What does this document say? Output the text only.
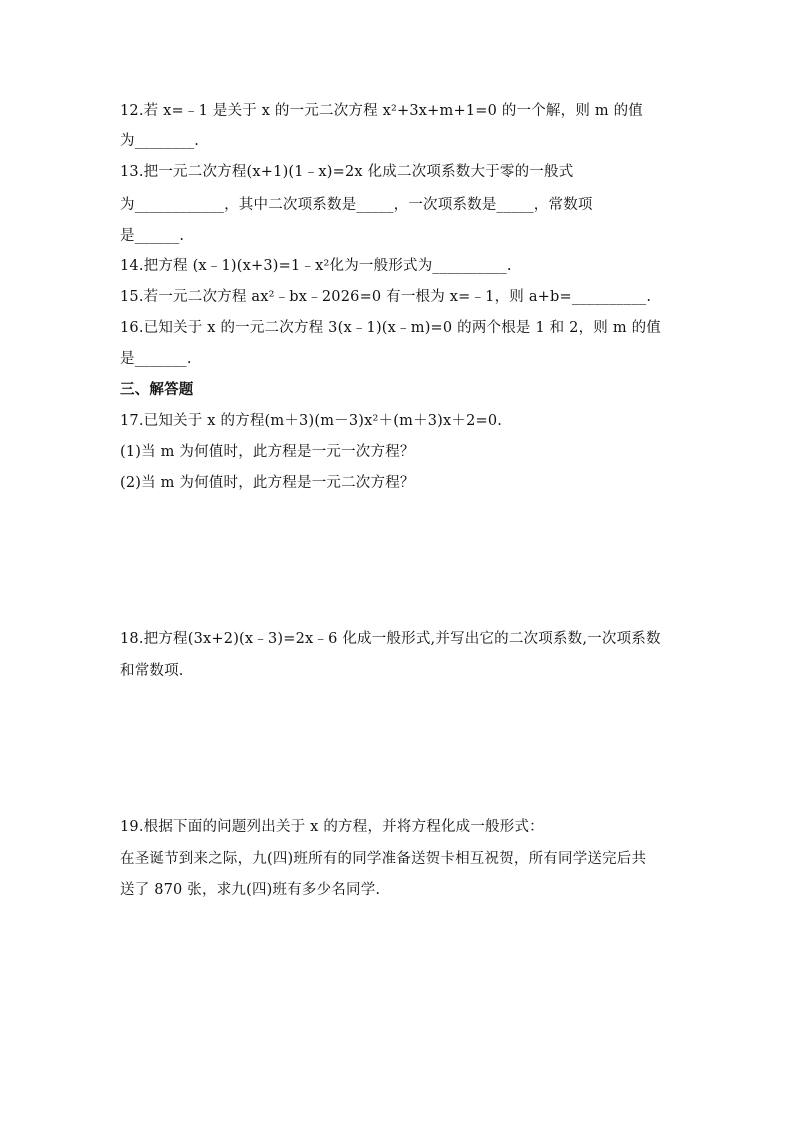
12.若 x=﹣1 是关于 x 的一元二次方程 x²+3x+m+1=0 的一个解，则 m 的值
为________.
13.把一元二次方程(x+1)(1﹣x)=2x 化成二次项系数大于零的一般式
为____________，其中二次项系数是_____，一次项系数是_____，常数项
是______.
14.把方程 (x﹣1)(x+3)=1﹣x²化为一般形式为__________.
15.若一元二次方程 ax²﹣bx﹣2026=0 有一根为 x=﹣1，则 a+b=__________.
16.已知关于 x 的一元二次方程 3(x﹣1)(x﹣m)=0 的两个根是 1 和 2，则 m 的值
是_______.
三、解答题
17.已知关于 x 的方程(m＋3)(m－3)x²＋(m＋3)x＋2=0.
(1)当 m 为何值时，此方程是一元一次方程？
(2)当 m 为何值时，此方程是一元二次方程？
18.把方程(3x+2)(x﹣3)=2x﹣6 化成一般形式,并写出它的二次项系数,一次项系数
和常数项.
19.根据下面的问题列出关于 x 的方程，并将方程化成一般形式：
在圣诞节到来之际，九(四)班所有的同学准备送贺卡相互祝贺，所有同学送完后共
送了 870 张，求九(四)班有多少名同学.
